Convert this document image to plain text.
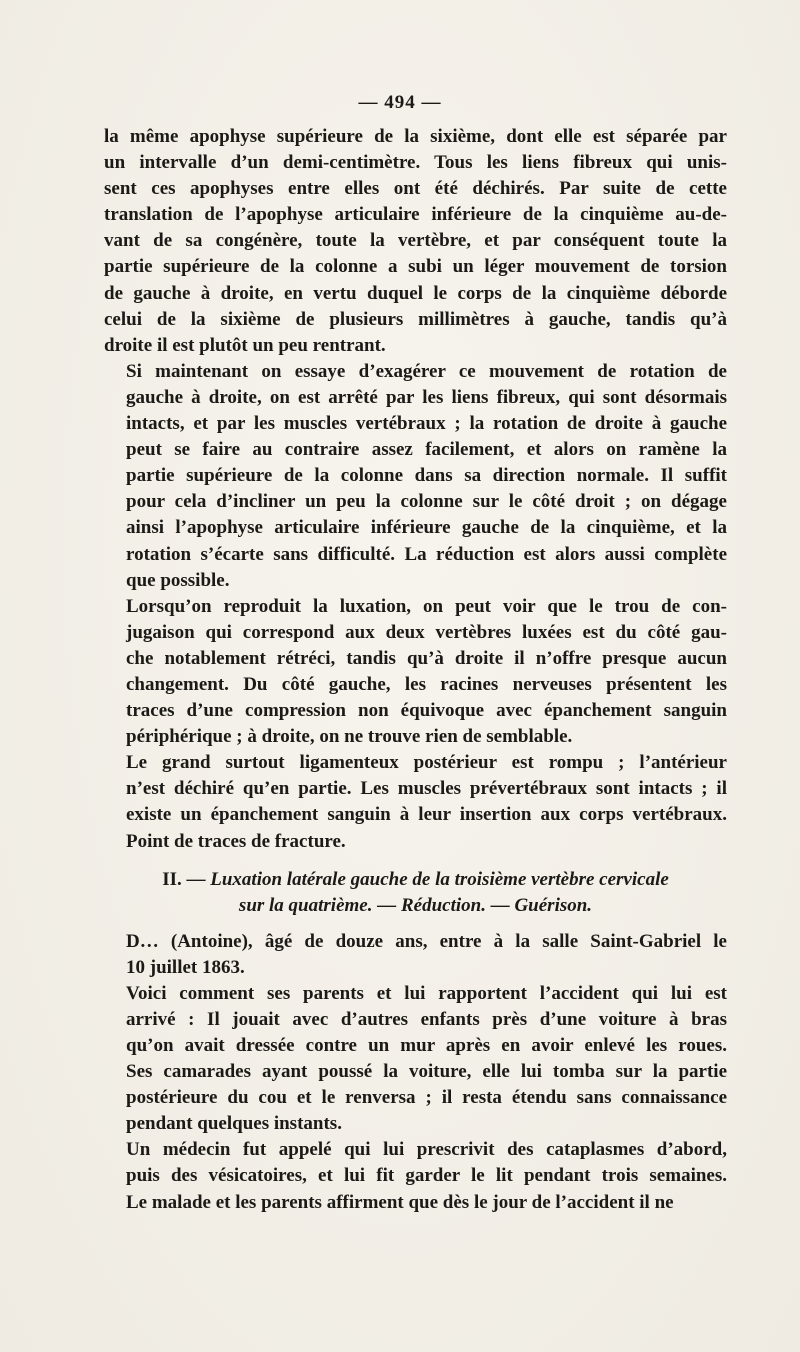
— 494 —
la même apophyse supérieure de la sixième, dont elle est séparée par
un intervalle d’un demi-centimètre. Tous les liens fibreux qui unis-
sent ces apophyses entre elles ont été déchirés. Par suite de cette
translation de l’apophyse articulaire inférieure de la cinquième au-de-
vant de sa congénère, toute la vertèbre, et par conséquent toute la
partie supérieure de la colonne a subi un léger mouvement de torsion
de gauche à droite, en vertu duquel le corps de la cinquième déborde
celui de la sixième de plusieurs millimètres à gauche, tandis qu’à
droite il est plutôt un peu rentrant.
Si maintenant on essaye d’exagérer ce mouvement de rotation de
gauche à droite, on est arrêté par les liens fibreux, qui sont désormais
intacts, et par les muscles vertébraux ; la rotation de droite à gauche
peut se faire au contraire assez facilement, et alors on ramène la
partie supérieure de la colonne dans sa direction normale. Il suffit
pour cela d’incliner un peu la colonne sur le côté droit ; on dégage
ainsi l’apophyse articulaire inférieure gauche de la cinquième, et la
rotation s’écarte sans difficulté. La réduction est alors aussi complète
que possible.
Lorsqu’on reproduit la luxation, on peut voir que le trou de con-
jugaison qui correspond aux deux vertèbres luxées est du côté gau-
che notablement rétréci, tandis qu’à droite il n’offre presque aucun
changement. Du côté gauche, les racines nerveuses présentent les
traces d’une compression non équivoque avec épanchement sanguin
périphérique ; à droite, on ne trouve rien de semblable.
Le grand surtout ligamenteux postérieur est rompu ; l’antérieur
n’est déchiré qu’en partie. Les muscles prévertébraux sont intacts ; il
existe un épanchement sanguin à leur insertion aux corps vertébraux.
Point de traces de fracture.
II. — Luxation latérale gauche de la troisième vertèbre cervicale
sur la quatrième. — Réduction. — Guérison.
D… (Antoine), âgé de douze ans, entre à la salle Saint-Gabriel le
10 juillet 1863.
Voici comment ses parents et lui rapportent l’accident qui lui est
arrivé : Il jouait avec d’autres enfants près d’une voiture à bras
qu’on avait dressée contre un mur après en avoir enlevé les roues.
Ses camarades ayant poussé la voiture, elle lui tomba sur la partie
postérieure du cou et le renversa ; il resta étendu sans connaissance
pendant quelques instants.
Un médecin fut appelé qui lui prescrivit des cataplasmes d’abord,
puis des vésicatoires, et lui fit garder le lit pendant trois semaines.
Le malade et les parents affirment que dès le jour de l’accident il ne
